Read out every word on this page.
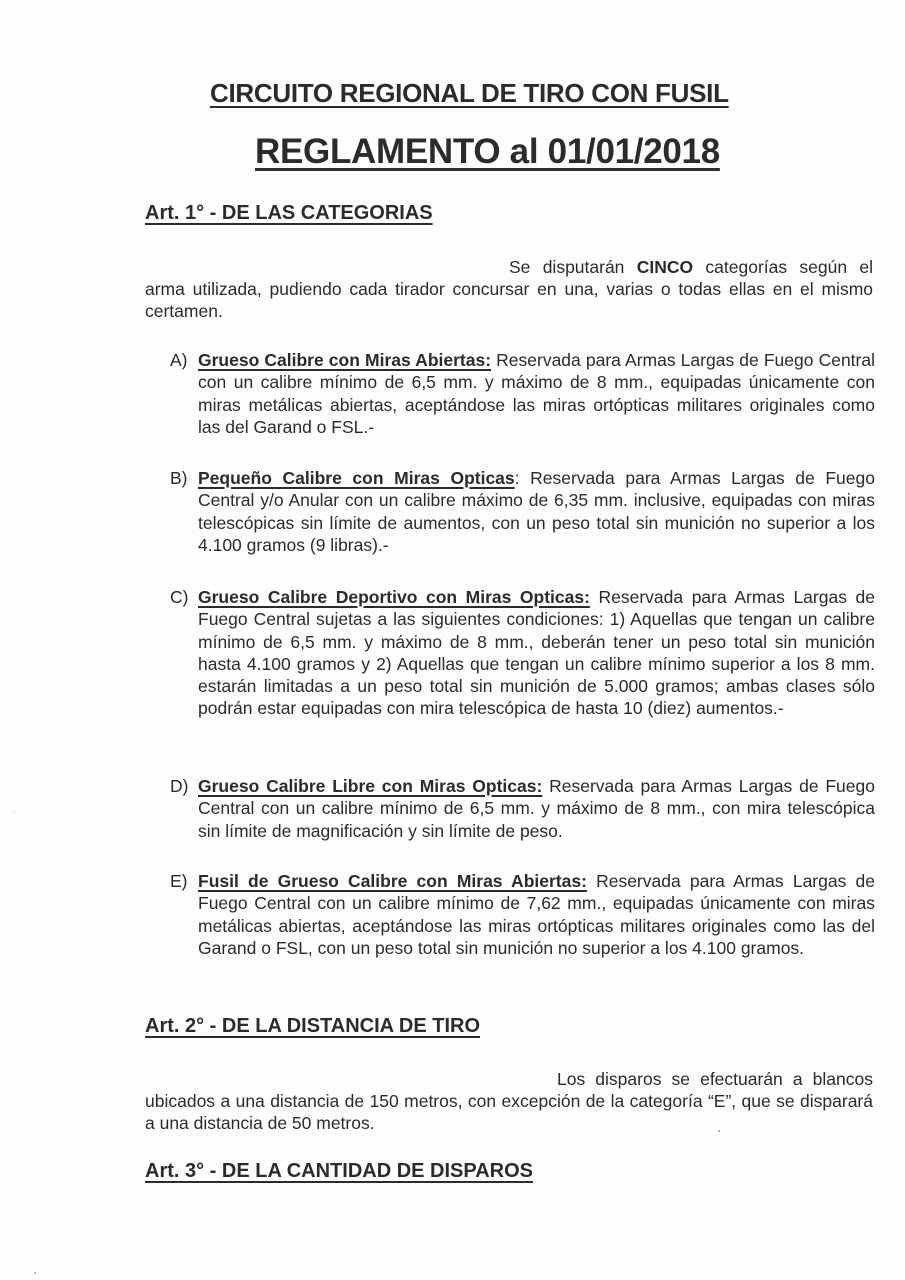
CIRCUITO REGIONAL DE TIRO CON FUSIL
REGLAMENTO al 01/01/2018
Art. 1° - DE LAS CATEGORIAS

Se disputarán CINCO categorías según el arma utilizada, pudiendo cada tirador concursar en una, varias o todas ellas en el mismo certamen.

A) Grueso Calibre con Miras Abiertas: Reservada para Armas Largas de Fuego Central con un calibre mínimo de 6,5 mm. y máximo de 8 mm., equipadas únicamente con miras metálicas abiertas, aceptándose las miras ortópticas militares originales como las del Garand o FSL.-
B) Pequeño Calibre con Miras Opticas: Reservada para Armas Largas de Fuego Central y/o Anular con un calibre máximo de 6,35 mm. inclusive, equipadas con miras telescópicas sin límite de aumentos, con un peso total sin munición no superior a los 4.100 gramos (9 libras).-
C) Grueso Calibre Deportivo con Miras Opticas: Reservada para Armas Largas de Fuego Central sujetas a las siguientes condiciones: 1) Aquellas que tengan un calibre mínimo de 6,5 mm. y máximo de 8 mm., deberán tener un peso total sin munición hasta 4.100 gramos y 2) Aquellas que tengan un calibre mínimo superior a los 8 mm. estarán limitadas a un peso total sin munición de 5.000 gramos; ambas clases sólo podrán estar equipadas con mira telescópica de hasta 10 (diez) aumentos.-
D) Grueso Calibre Libre con Miras Opticas: Reservada para Armas Largas de Fuego Central con un calibre mínimo de 6,5 mm. y máximo de 8 mm., con mira telescópica sin límite de magnificación y sin límite de peso.
E) Fusil de Grueso Calibre con Miras Abiertas: Reservada para Armas Largas de Fuego Central con un calibre mínimo de 7,62 mm., equipadas únicamente con miras metálicas abiertas, aceptándose las miras ortópticas militares originales como las del Garand o FSL, con un peso total sin munición no superior a los 4.100 gramos.
Art. 2° - DE LA DISTANCIA DE TIRO

Los disparos se efectuarán a blancos ubicados a una distancia de 150 metros, con excepción de la categoría “E”, que se disparará a una distancia de 50 metros.

Art. 3° - DE LA CANTIDAD DE DISPAROS
